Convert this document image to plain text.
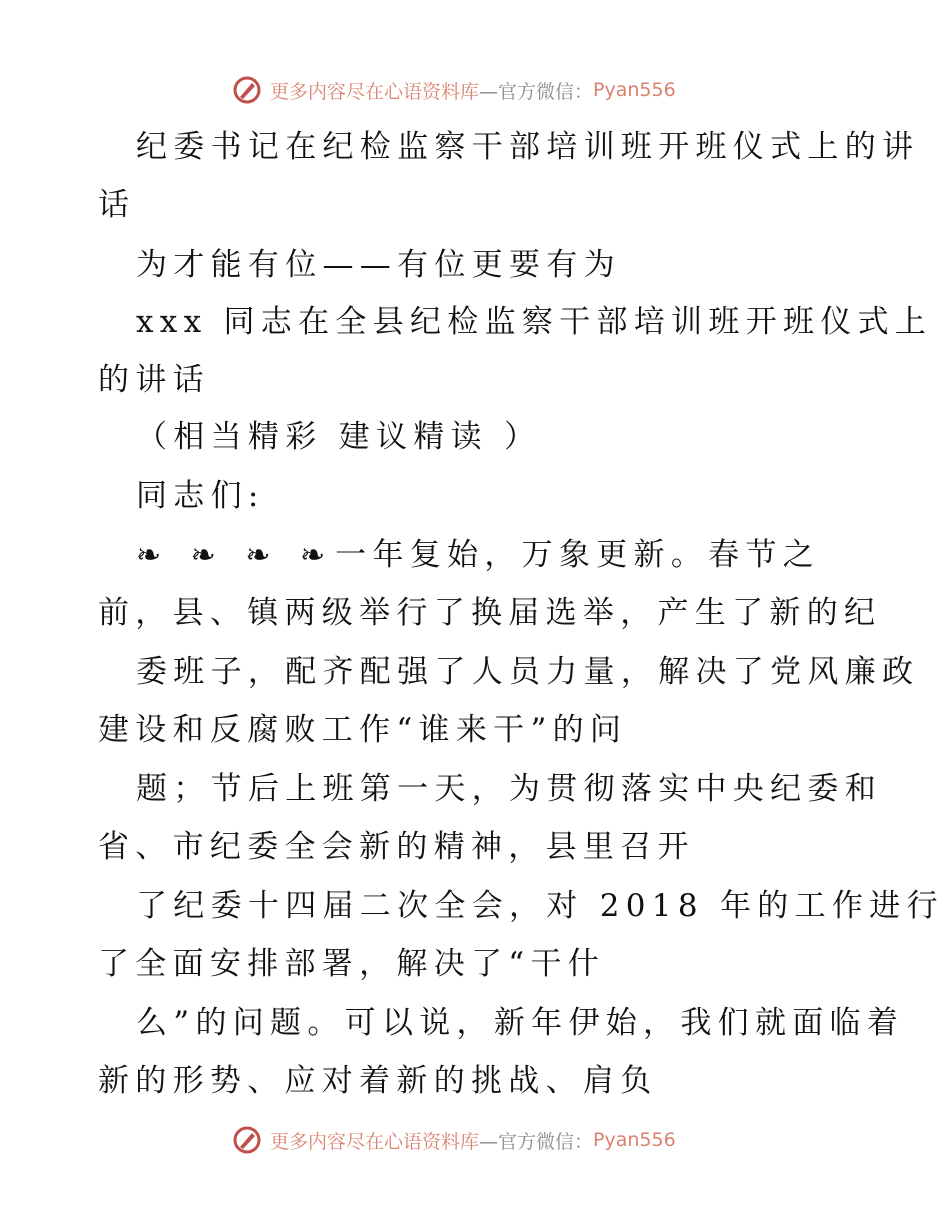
更多内容尽在心语资料库 —官方微信： Pyan556
纪委书记在纪检监察干部培训班开班仪式上的讲
话
为才能有位——有位更要有为
xxx 同志在全县纪检监察干部培训班开班仪式上
的讲话
（相当精彩 建议精读 ）
同志们:
❧ ❧ ❧ ❧一年复始，万象更新。春节之
前，县、镇两级举行了换届选举，产生了新的纪
委班子，配齐配强了人员力量，解决了党风廉政
建设和反腐败工作“谁来干”的问
题；节后上班第一天，为贯彻落实中央纪委和
省、市纪委全会新的精神，县里召开
了纪委十四届二次全会，对 2018 年的工作进行
了全面安排部署，解决了“干什
么”的问题。可以说，新年伊始，我们就面临着
新的形势、应对着新的挑战、肩负
更多内容尽在心语资料库 —官方微信： Pyan556
